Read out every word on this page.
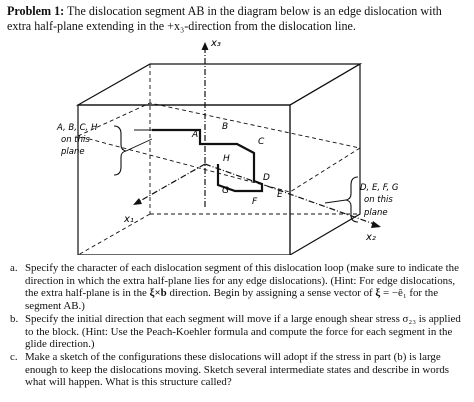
Problem 1: The dislocation segment AB in the diagram below is an edge dislocation with extra half-plane extending in the +x₃-direction from the dislocation line.
x₃
x₁
x₂
A
B
C
D
E
F
G
H
A, B, C, H
on this
plane
D, E, F, G
on this
plane
a. Specify the character of each dislocation segment of this dislocation loop (make sure to indicate the direction in which the extra half-plane lies for any edge dislocations). (Hint: For edge dislocations, the extra half-plane is in the ξ×b direction. Begin by assigning a sense vector of ξ = −ê₁ for the segment AB.)
b. Specify the initial direction that each segment will move if a large enough shear stress σ₂₃ is applied to the block. (Hint: Use the Peach-Koehler formula and compute the force for each segment in the glide direction.)
c. Make a sketch of the configurations these dislocations will adopt if the stress in part (b) is large enough to keep the dislocations moving. Sketch several intermediate states and describe in words what will happen. What is this structure called?
